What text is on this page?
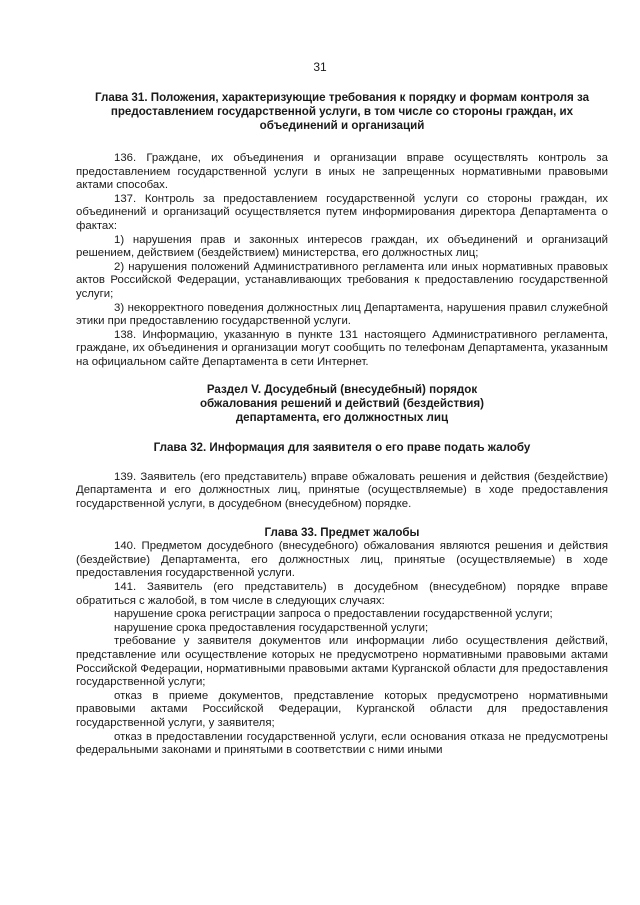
31
Глава 31. Положения, характеризующие требования к порядку и формам контроля за предоставлением государственной услуги, в том числе со стороны граждан, их объединений и организаций

136. Граждане, их объединения и организации вправе осуществлять контроль за предоставлением государственной услуги в иных не запрещенных нормативными правовыми актами способах.

137. Контроль за предоставлением государственной услуги со стороны граждан, их объединений и организаций осуществляется путем информирования директора Департамента о фактах:

1) нарушения прав и законных интересов граждан, их объединений и организаций решением, действием (бездействием) министерства, его должностных лиц;

2) нарушения положений Административного регламента или иных нормативных правовых актов Российской Федерации, устанавливающих требования к предоставлению государственной услуги;

3) некорректного поведения должностных лиц Департамента, нарушения правил служебной этики при предоставлению государственной услуги.

138. Информацию, указанную в пункте 131 настоящего Административного регламента, граждане, их объединения и организации могут сообщить по телефонам Департамента, указанным на официальном сайте Департамента в сети Интернет.

Раздел V. Досудебный (внесудебный) порядок
обжалования решений и действий (бездействия)
департамента, его должностных лиц
Глава 32. Информация для заявителя о его праве подать жалобу

139. Заявитель (его представитель) вправе обжаловать решения и действия (бездействие) Департамента и его должностных лиц, принятые (осуществляемые) в ходе предоставления государственной услуги, в досудебном (внесудебном) порядке.

Глава 33. Предмет жалобы

140. Предметом досудебного (внесудебного) обжалования являются решения и действия (бездействие) Департамента, его должностных лиц, принятые (осуществляемые) в ходе предоставления государственной услуги.

141. Заявитель (его представитель) в досудебном (внесудебном) порядке вправе обратиться с жалобой, в том числе в следующих случаях:

нарушение срока регистрации запроса о предоставлении государственной услуги;

нарушение срока предоставления государственной услуги;

требование у заявителя документов или информации либо осуществления действий, представление или осуществление которых не предусмотрено нормативными правовыми актами Российской Федерации, нормативными правовыми актами Курганской области для предоставления государственной услуги;

отказ в приеме документов, представление которых предусмотрено нормативными правовыми актами Российской Федерации, Курганской области для предоставления государственной услуги, у заявителя;

отказ в предоставлении государственной услуги, если основания отказа не предусмотрены федеральными законами и принятыми в соответствии с ними иными
